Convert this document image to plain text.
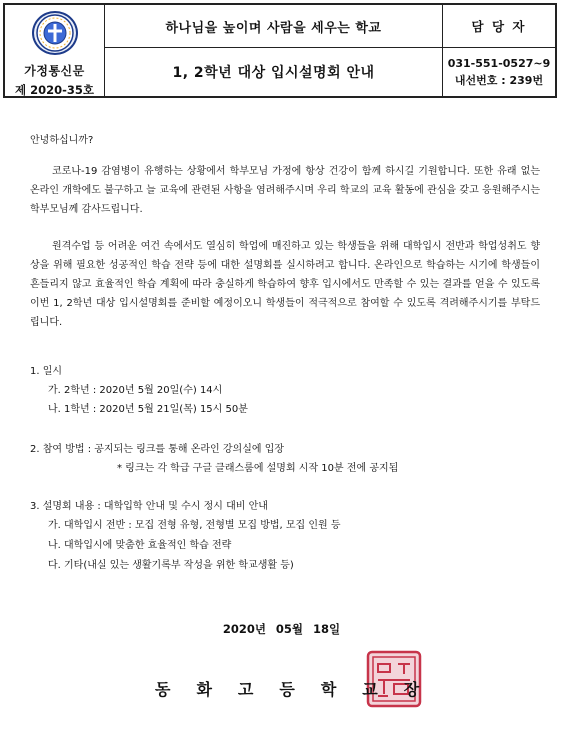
가정통신문
제 2020-35호
하나님을 높이며 사람을 세우는 학교
1, 2학년 대상 입시설명회 안내
담 당 자
031-551-0527~9
내선번호 : 239번
안녕하십니까?
코로나-19 감염병이 유행하는 상황에서 학부모님 가정에 항상 건강이 함께 하시길 기원합니다. 또한 유래 없는 온라인 개학에도 불구하고 늘 교육에 관련된 사항을 염려해주시며 우리 학교의 교육 활동에 관심을 갖고 응원해주시는 학부모님께 감사드립니다.
원격수업 등 어려운 여건 속에서도 열심히 학업에 매진하고 있는 학생들을 위해 대학입시 전반과 학업성취도 향상을 위해 필요한 성공적인 학습 전략 등에 대한 설명회를 실시하려고 합니다. 온라인으로 학습하는 시기에 학생들이 흔들리지 않고 효율적인 학습 계획에 따라 충실하게 학습하여 향후 입시에서도 만족할 수 있는 결과를 얻을 수 있도록 이번 1, 2학년 대상 입시설명회를 준비할 예정이오니 학생들이 적극적으로 참여할 수 있도록 격려해주시기를 부탁드립니다.
1. 일시
가. 2학년 : 2020년 5월 20일(수) 14시
나. 1학년 : 2020년 5월 21일(목) 15시 50분
2. 참여 방법 : 공지되는 링크를 통해 온라인 강의실에 입장
* 링크는 각 학급 구글 클래스룸에 설명회 시작 10분 전에 공지됨
3. 설명회 내용 : 대학입학 안내 및 수시 정시 대비 안내
가. 대학입시 전반 : 모집 전형 유형, 전형별 모집 방법, 모집 인원 등
나. 대학입시에 맞춤한 효율적인 학습 전략
다. 기타(내실 있는 생활기록부 작성을 위한 학교생활 등)
2020년 05월 18일
동화고등학교장
